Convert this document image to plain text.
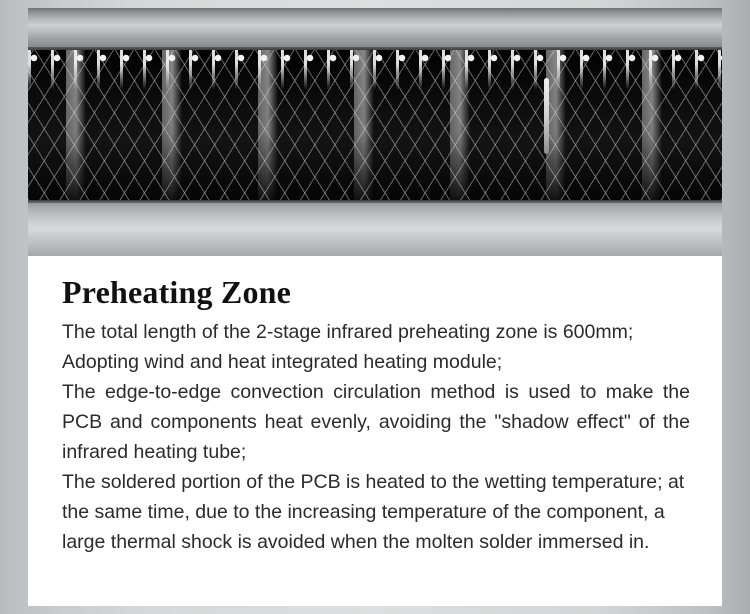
Preheating Zone

The total length of the 2-stage infrared preheating zone is 600mm;

Adopting wind and heat integrated heating module;

The edge-to-edge convection circulation method is used to make the PCB and components heat evenly, avoiding the "shadow effect" of the infrared heating tube;

The soldered portion of the PCB is heated to the wetting temperature; at the same time, due to the increasing temperature of the component, a large thermal shock is avoided when the molten solder immersed in.
